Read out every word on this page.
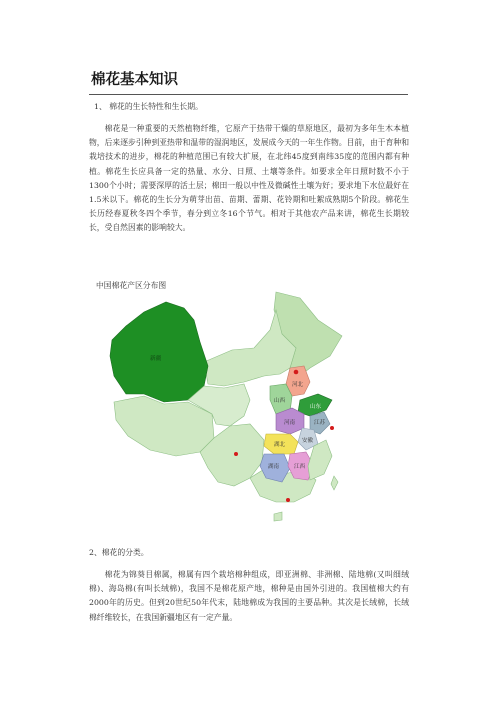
棉花基本知识
1、 棉花的生长特性和生长期。

棉花是一种重要的天然植物纤维，它原产于热带干燥的草原地区，最初为多年生木本植物，后来逐步引种到亚热带和温带的湿润地区，发展成今天的一年生作物。目前，由于育种和栽培技术的进步，棉花的种植范围已有较大扩展，在北纬45度到南纬35度的范围内都有种植。棉花生长应具备一定的热量、水分、日照、土壤等条件。如要求全年日照时数不小于1300个小时；需要深厚的活土层；棉田一般以中性及微碱性土壤为好；要求地下水位最好在1.5米以下。棉花的生长分为萌芽出苗、苗期、蕾期、花铃期和吐絮成熟期5个阶段。棉花生长历经春夏秋冬四个季节，春分到立冬16个节气。相对于其他农产品来讲，棉花生长期较长，受自然因素的影响较大。

中国棉花产区分布图
新疆
河北
山西
山东
河南	江苏
安徽
湖北
湖南	江西
2、棉花的分类。

棉花为锦葵目棉属，棉属有四个栽培棉种组成，即亚洲棉、非洲棉、陆地棉(又叫细绒棉)、海岛棉(有叫长绒棉)，我国不是棉花原产地，棉种是由国外引进的。我国植棉大约有2000年的历史。但到20世纪50年代末，陆地棉成为我国的主要品种。其次是长绒棉，长绒棉纤维较长，在我国新疆地区有一定产量。
